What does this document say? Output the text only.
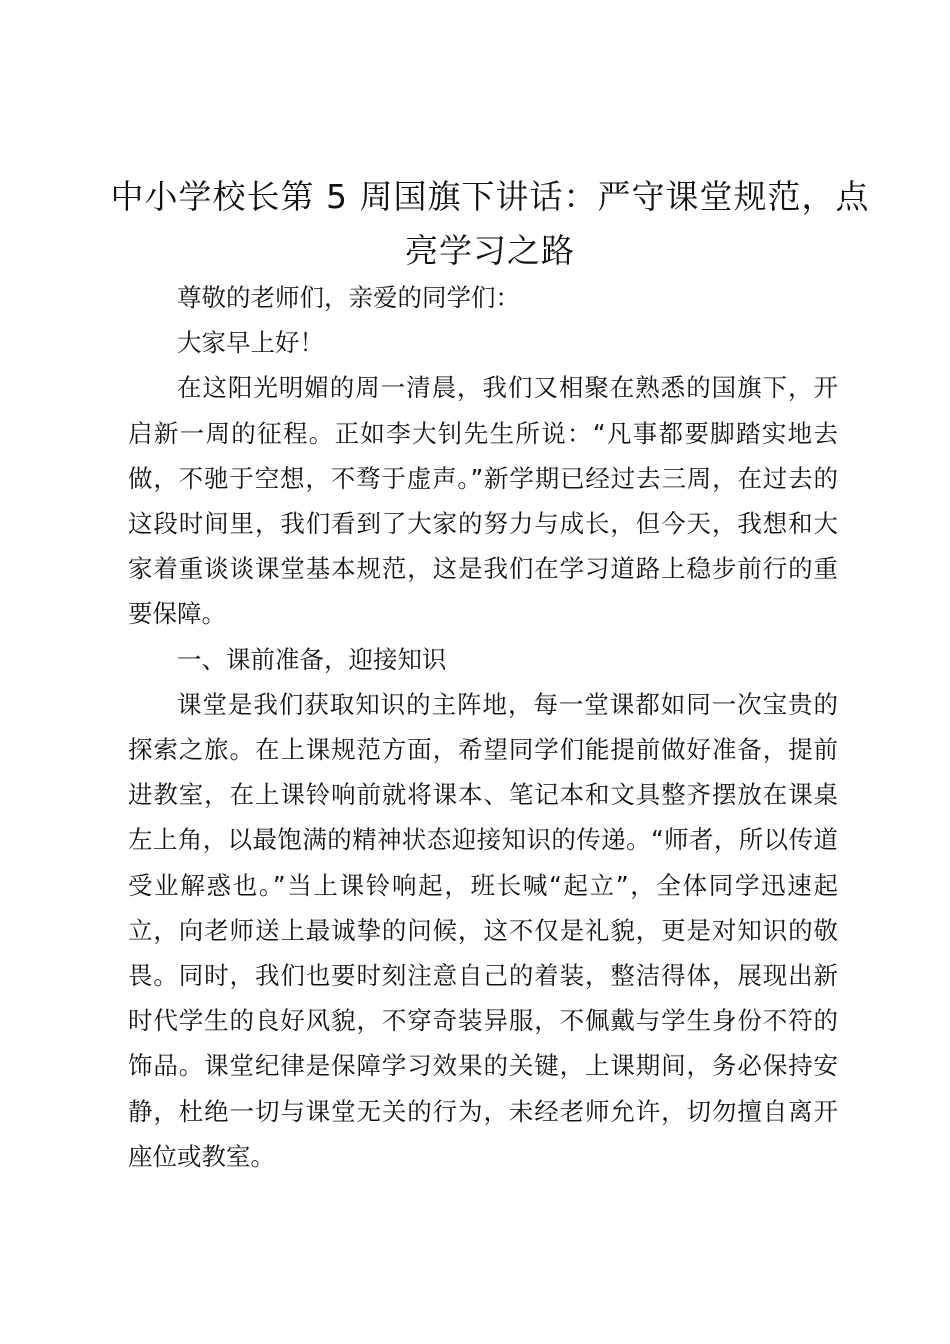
中小学校长第 5 周国旗下讲话：严守课堂规范，点亮学习之路

尊敬的老师们，亲爱的同学们：

大家早上好！

在这阳光明媚的周一清晨，我们又相聚在熟悉的国旗下，开启新一周的征程。正如李大钊先生所说：“凡事都要脚踏实地去做，不驰于空想，不骛于虚声。”新学期已经过去三周，在过去的这段时间里，我们看到了大家的努力与成长，但今天，我想和大家着重谈谈课堂基本规范，这是我们在学习道路上稳步前行的重要保障。

一、课前准备，迎接知识

课堂是我们获取知识的主阵地，每一堂课都如同一次宝贵的探索之旅。在上课规范方面，希望同学们能提前做好准备，提前进教室，在上课铃响前就将课本、笔记本和文具整齐摆放在课桌左上角，以最饱满的精神状态迎接知识的传递。“师者，所以传道受业解惑也。”当上课铃响起，班长喊“起立”，全体同学迅速起立，向老师送上最诚挚的问候，这不仅是礼貌，更是对知识的敬畏。同时，我们也要时刻注意自己的着装，整洁得体，展现出新时代学生的良好风貌，不穿奇装异服，不佩戴与学生身份不符的饰品。课堂纪律是保障学习效果的关键，上课期间，务必保持安静，杜绝一切与课堂无关的行为，未经老师允许，切勿擅自离开座位或教室。
